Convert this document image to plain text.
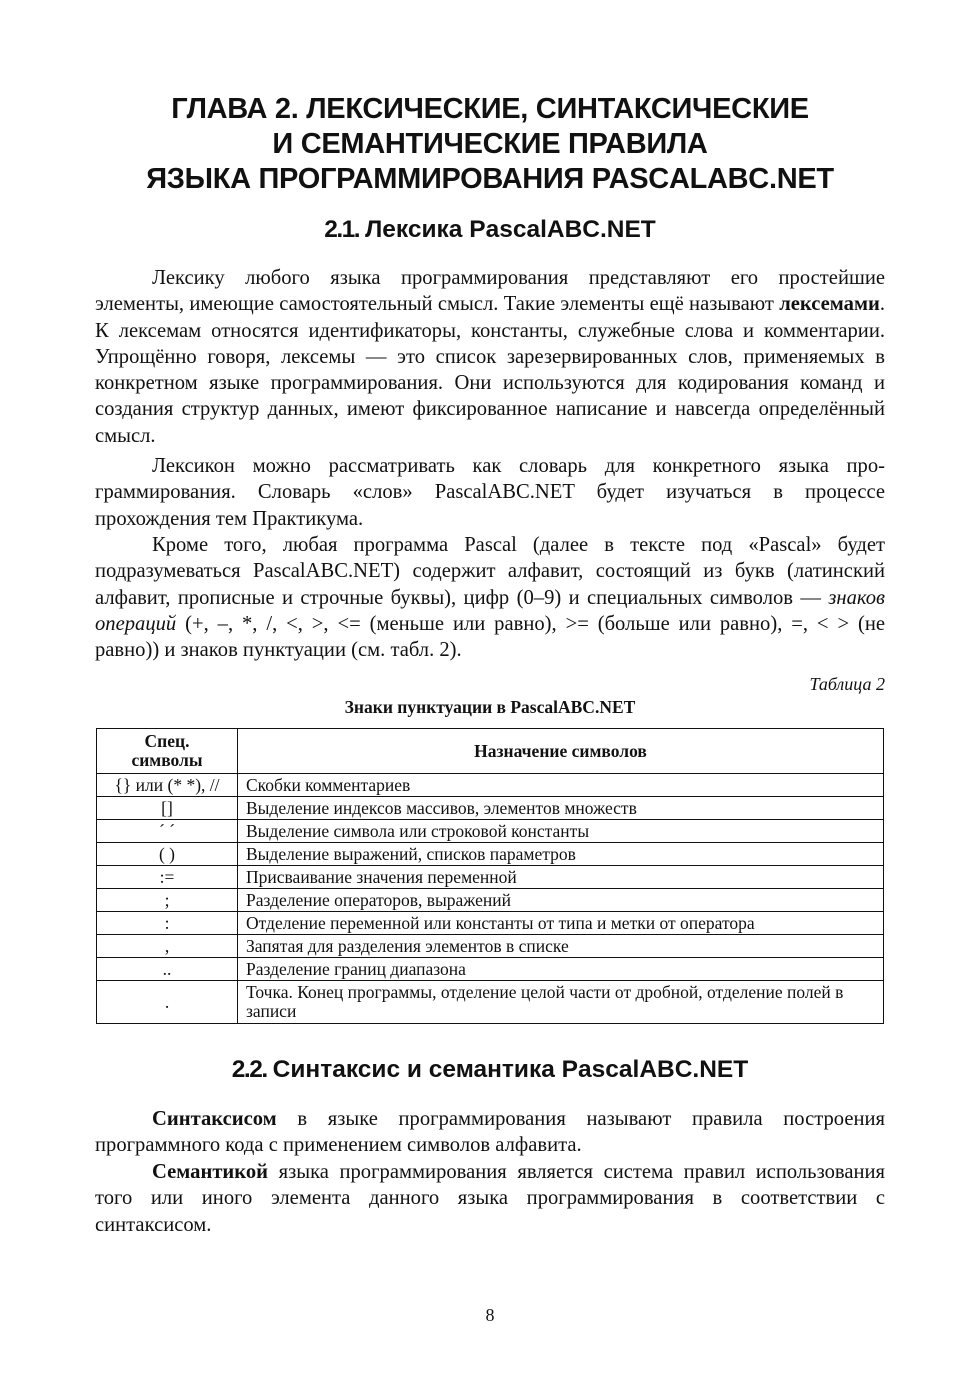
ГЛАВА 2. ЛЕКСИЧЕСКИЕ, СИНТАКСИЧЕСКИЕ
И СЕМАНТИЧЕСКИЕ ПРАВИЛА
ЯЗЫКА ПРОГРАММИРОВАНИЯ PASCALABC.NET
2.1. Лексика PascalABC.NET

Лексику любого языка программирования представляют его простейшие элементы, имеющие самостоятельный смысл. Такие элементы ещё называют лексемами. К лексемам относятся идентификаторы, константы, служебные слова и комментарии. Упрощённо говоря, лексемы — это список зарезервированных слов, применяемых в конкретном языке программирования. Они используются для кодирования команд и создания структур данных, имеют фиксированное написание и навсегда определённый смысл.

Лексикон можно рассматривать как словарь для конкретного языка программирования. Словарь «слов» PascalABC.NET будет изучаться в процессе прохождения тем Практикума.

Кроме того, любая программа Pascal (далее в тексте под «Pascal» будет подразумеваться PascalABC.NET) содержит алфавит, состоящий из букв (латинский алфавит, прописные и строчные буквы), цифр (0–9) и специальных символов — знаков операций (+, –, *, /, <, >, <= (меньше или равно), >= (больше или равно), =, < > (не равно)) и знаков пунктуации (см. табл. 2).

Таблица 2

Знаки пунктуации в PascalABC.NET

Спец.
символы	Назначение символов
{} или (* *), //	Скобки комментариев
[]	Выделение индексов массивов, элементов множеств
´ ´	Выделение символа или строковой константы
( )	Выделение выражений, списков параметров
:=	Присваивание значения переменной
;	Разделение операторов, выражений
:	Отделение переменной или константы от типа и метки от оператора
,	Запятая для разделения элементов в списке
..	Разделение границ диапазона
.	Точка. Конец программы, отделение целой части от дробной, отделение полей в записи
2.2. Синтаксис и семантика PascalABC.NET

Синтаксисом в языке программирования называют правила построения программного кода с применением символов алфавита.

Семантикой языка программирования является система правил использования того или иного элемента данного языка программирования в соответствии с синтаксисом.

8
